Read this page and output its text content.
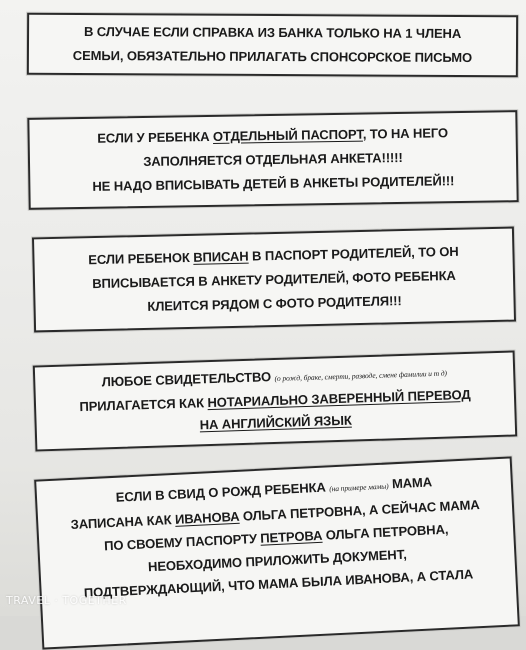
В СЛУЧАЕ ЕСЛИ СПРАВКА ИЗ БАНКА ТОЛЬКО НА 1 ЧЛЕНА
СЕМЬИ, ОБЯЗАТЕЛЬНО ПРИЛАГАТЬ СПОНСОРСКОЕ ПИСЬМО
ЕСЛИ У РЕБЕНКА ОТДЕЛЬНЫЙ ПАСПОРТ, ТО НА НЕГО
ЗАПОЛНЯЕТСЯ ОТДЕЛЬНАЯ АНКЕТА!!!!!
НЕ НАДО ВПИСЫВАТЬ ДЕТЕЙ В АНКЕТЫ РОДИТЕЛЕЙ!!!
ЕСЛИ РЕБЕНОК ВПИСАН В ПАСПОРТ РОДИТЕЛЕЙ, ТО ОН
ВПИСЫВАЕТСЯ В АНКЕТУ РОДИТЕЛЕЙ, ФОТО РЕБЕНКА
КЛЕИТСЯ РЯДОМ С ФОТО РОДИТЕЛЯ!!!
ЛЮБОЕ СВИДЕТЕЛЬСТВО (о рожд, браке, смерти, разводе, смене фамилии и т д)
ПРИЛАГАЕТСЯ КАК НОТАРИАЛЬНО ЗАВЕРЕННЫЙ ПЕРЕВОД
НА АНГЛИЙСКИЙ ЯЗЫК
ЕСЛИ В СВИД О РОЖД РЕБЕНКА (на примере мамы) МАМА
ЗАПИСАНА КАК ИВАНОВА ОЛЬГА ПЕТРОВНА, А СЕЙЧАС МАМА
ПО СВОЕМУ ПАСПОРТУ ПЕТРОВА ОЛЬГА ПЕТРОВНА,
НЕОБХОДИМО ПРИЛОЖИТЬ ДОКУМЕНТ,
ПОДТВЕРЖДАЮЩИЙ, ЧТО МАМА БЫЛА ИВАНОВА, А СТАЛА
TRAVEL · TOGETHER
